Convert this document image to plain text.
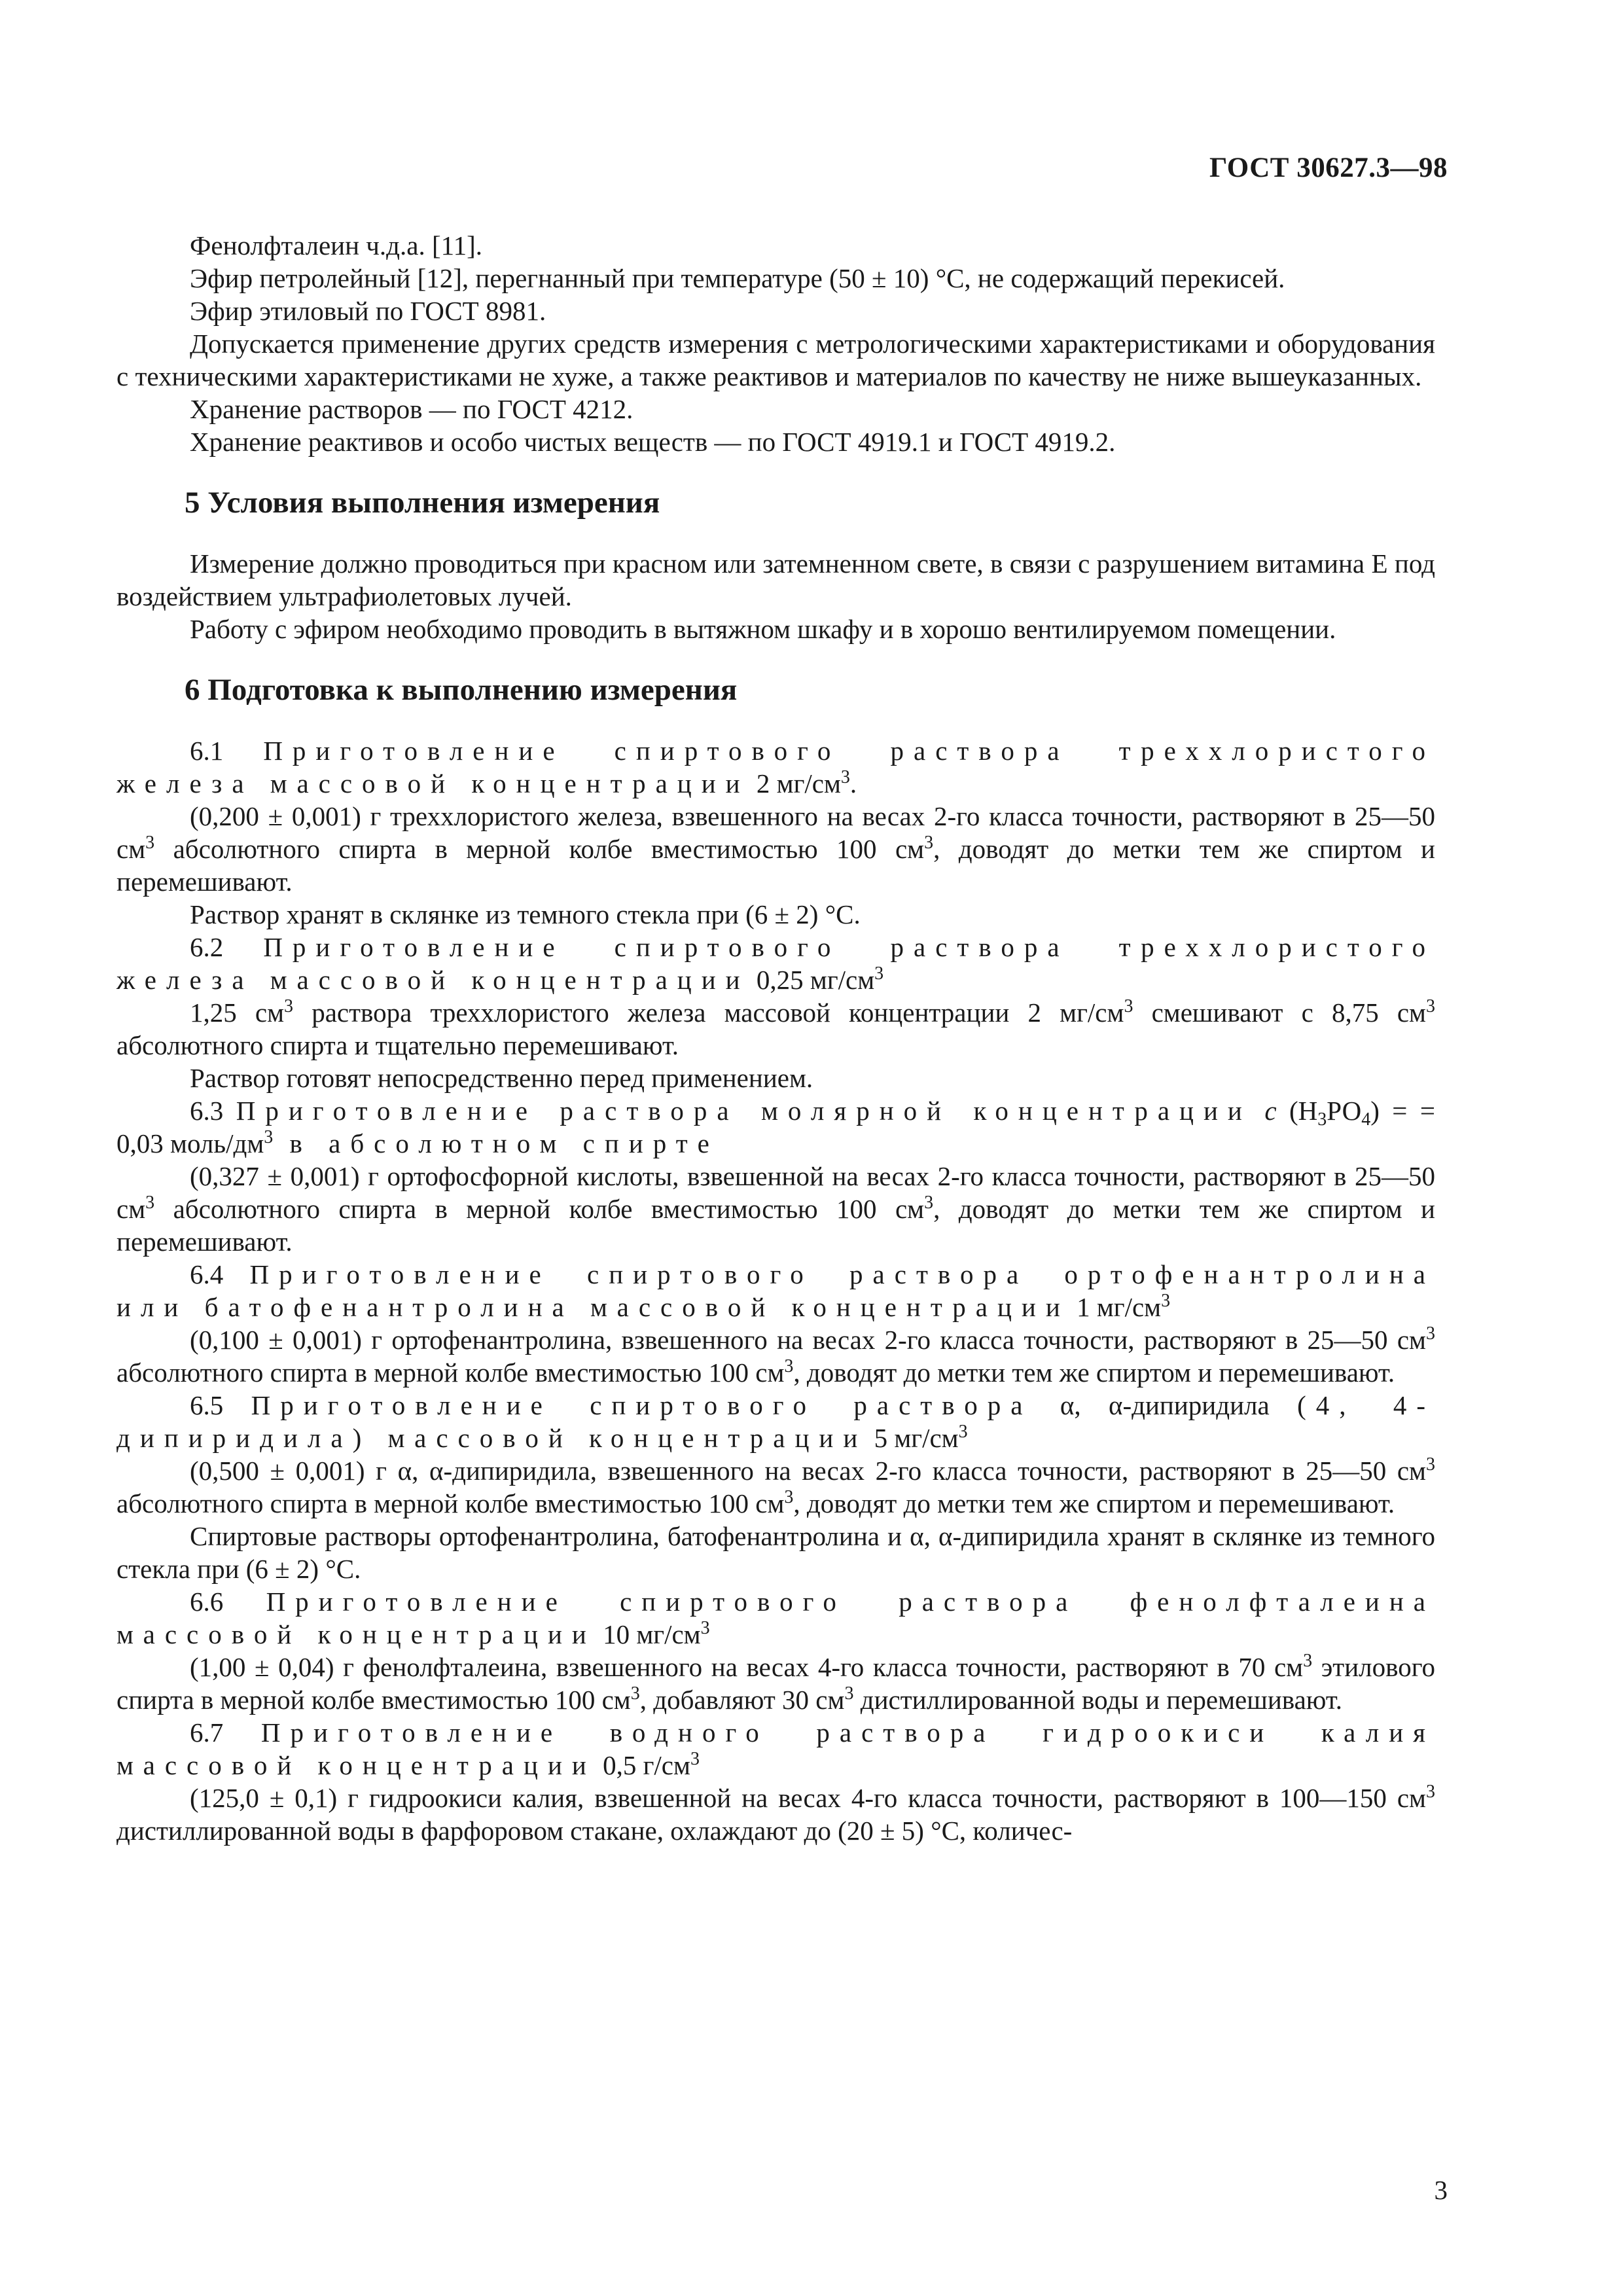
ГОСТ 30627.3—98

Фенолфталеин ч.д.а. [11].

Эфир петролейный [12], перегнанный при температуре (50 ± 10) °С, не содержащий перекисей.

Эфир этиловый по ГОСТ 8981.

Допускается применение других средств измерения с метрологическими характеристиками и оборудования с техническими характеристиками не хуже, а также реактивов и материалов по качеству не ниже вышеуказанных.

Хранение растворов — по ГОСТ 4212.

Хранение реактивов и особо чистых веществ — по ГОСТ 4919.1 и ГОСТ 4919.2.

5 Условия выполнения измерения

Измерение должно проводиться при красном или затемненном свете, в связи с разрушением витамина Е под воздействием ультрафиолетовых лучей.

Работу с эфиром необходимо проводить в вытяжном шкафу и в хорошо вентилируемом помещении.

6 Подготовка к выполнению измерения

6.1 Приготовление спиртового раствора треххлористого железа массовой концентрации 2 $мг/см^3$.

(0,200 ± 0,001) г треххлористого железа, взвешенного на весах 2-го класса точности, растворяют в 25—50 $см^3$ абсолютного спирта в мерной колбе вместимостью 100 $см^3$, доводят до метки тем же спиртом и перемешивают.

Раствор хранят в склянке из темного стекла при (6 ± 2) °С.

6.2 Приготовление спиртового раствора треххлористого железа массовой концентрации 0,25 $мг/см^3$

1,25 $см^3$ раствора треххлористого железа массовой концентрации 2 $мг/см^3$ смешивают с 8,75 $см^3$ абсолютного спирта и тщательно перемешивают.

Раствор готовят непосредственно перед применением.

6.3 Приготовление раствора молярной концентрации с $(Н_3РО_4)$ = = 0,03 моль/$дм^3$ в абсолютном спирте

(0,327 ± 0,001) г ортофосфорной кислоты, взвешенной на весах 2-го класса точности, растворяют в 25—50 $см^3$ абсолютного спирта в мерной колбе вместимостью 100 $см^3$, доводят до метки тем же спиртом и перемешивают.

6.4 Приготовление спиртового раствора ортофенантролина или батофенантролина массовой концентрации 1 $мг/см^3$

(0,100 ± 0,001) г ортофенантролина, взвешенного на весах 2-го класса точности, растворяют в 25—50 $см^3$ абсолютного спирта в мерной колбе вместимостью 100 $см^3$, доводят до метки тем же спиртом и перемешивают.

6.5 Приготовление спиртового раствора α, α-дипиридила (4, 4-дипиридила) массовой концентрации 5 $мг/см^3$

(0,500 ± 0,001) г α, α-дипиридила, взвешенного на весах 2-го класса точности, растворяют в 25—50 $см^3$ абсолютного спирта в мерной колбе вместимостью 100 $см^3$, доводят до метки тем же спиртом и перемешивают.

Спиртовые растворы ортофенантролина, батофенантролина и α, α-дипиридила хранят в склянке из темного стекла при (6 ± 2) °С.

6.6 Приготовление спиртового раствора фенолфталеина массовой концентрации 10 $мг/см^3$

(1,00 ± 0,04) г фенолфталеина, взвешенного на весах 4-го класса точности, растворяют в 70 $см^3$ этилового спирта в мерной колбе вместимостью 100 $см^3$, добавляют 30 $см^3$ дистиллированной воды и перемешивают.

6.7 Приготовление водного раствора гидроокиси калия массовой концентрации 0,5 $г/см^3$

(125,0 ± 0,1) г гидроокиси калия, взвешенной на весах 4-го класса точности, растворяют в 100—150 $см^3$ дистиллированной воды в фарфоровом стакане, охлаждают до (20 ± 5) °С, количес-

3
